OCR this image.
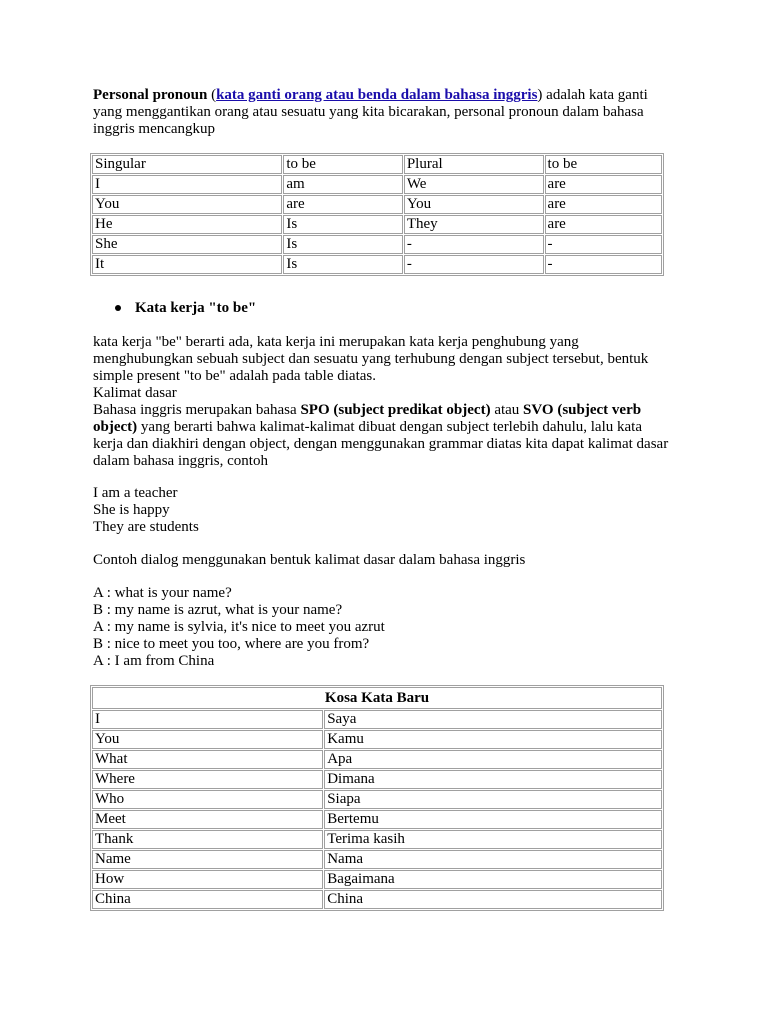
Personal pronoun (kata ganti orang atau benda dalam bahasa inggris) adalah kata ganti yang menggantikan orang atau sesuatu yang kita bicarakan, personal pronoun dalam bahasa inggris mencangkup
Singular	to be	Plural	to be
I	am	We	are
You	are	You	are
He	Is	They	are
She	Is	-	-
It	Is	-	-
Kata kerja "to be"
kata kerja "be" berarti ada, kata kerja ini merupakan kata kerja penghubung yang menghubungkan sebuah subject dan sesuatu yang terhubung dengan subject tersebut, bentuk simple present "to be" adalah pada table diatas.
Kalimat dasar
Bahasa inggris merupakan bahasa SPO (subject predikat object) atau SVO (subject verb object) yang berarti bahwa kalimat-kalimat dibuat dengan subject terlebih dahulu, lalu kata kerja dan diakhiri dengan object, dengan menggunakan grammar diatas kita dapat kalimat dasar dalam bahasa inggris, contoh
I am a teacher
She is happy
They are students
Contoh dialog menggunakan bentuk kalimat dasar dalam bahasa inggris
A : what is your name?
B : my name is azrut, what is your name?
A : my name is sylvia, it's nice to meet you azrut
B : nice to meet you too, where are you from?
A : I am from China
Kosa Kata Baru	
I	Saya
You	Kamu
What	Apa
Where	Dimana
Who	Siapa
Meet	Bertemu
Thank	Terima kasih
Name	Nama
How	Bagaimana
China	China
